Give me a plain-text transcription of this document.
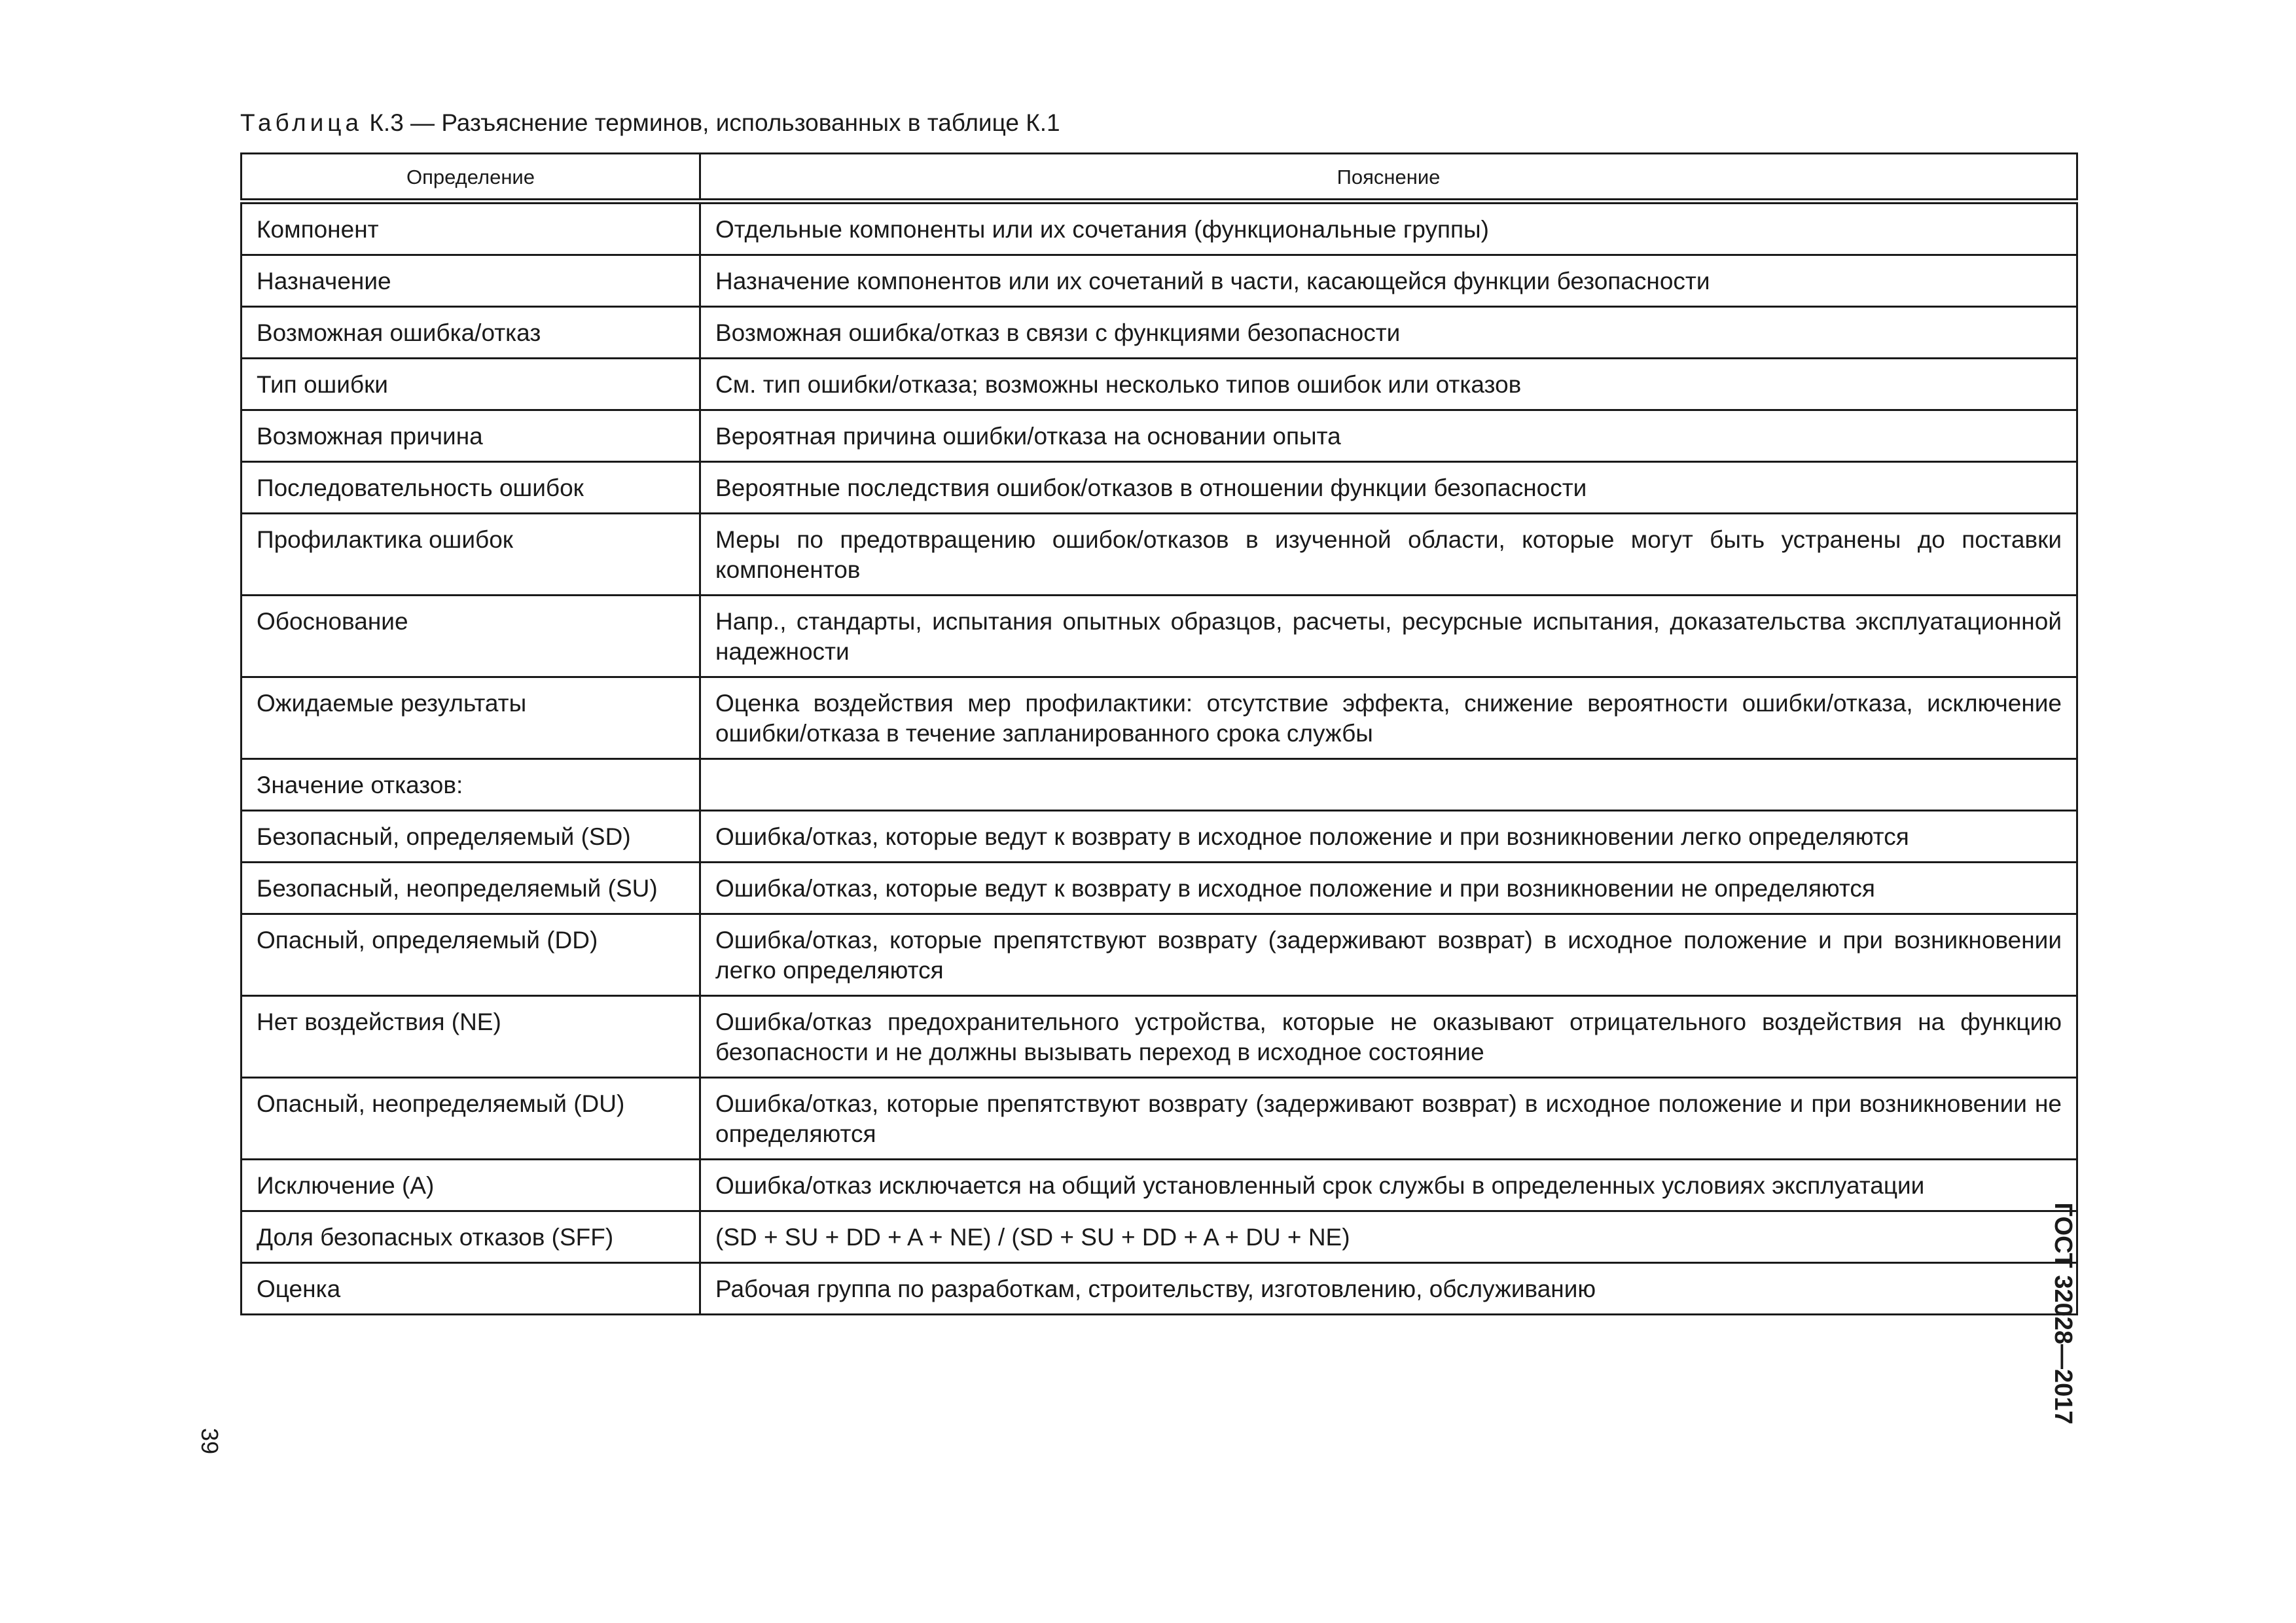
Таблица К.3 — Разъяснение терминов, использованных в таблице К.1
Определение	Пояснение
Компонент	Отдельные компоненты или их сочетания (функциональные группы)
Назначение	Назначение компонентов или их сочетаний в части, касающейся функции безопасности
Возможная ошибка/отказ	Возможная ошибка/отказ в связи с функциями безопасности
Тип ошибки	См. тип ошибки/отказа; возможны несколько типов ошибок или отказов
Возможная причина	Вероятная причина ошибки/отказа на основании опыта
Последовательность ошибок	Вероятные последствия ошибок/отказов в отношении функции безопасности
Профилактика ошибок	Меры по предотвращению ошибок/отказов в изученной области, которые могут быть устранены до поставки компонентов
Обоснование	Напр., стандарты, испытания опытных образцов, расчеты, ресурсные испытания, доказательства эксплуатационной надежности
Ожидаемые результаты	Оценка воздействия мер профилактики: отсутствие эффекта, снижение вероятности ошибки/отказа, исключение ошибки/отказа в течение запланированного срока службы
Значение отказов:	
Безопасный, определяемый (SD)	Ошибка/отказ, которые ведут к возврату в исходное положение и при возникновении легко определяются
Безопасный, неопределяемый (SU)	Ошибка/отказ, которые ведут к возврату в исходное положение и при возникновении не определяются
Опасный, определяемый (DD)	Ошибка/отказ, которые препятствуют возврату (задерживают возврат) в исходное положение и при возникновении легко определяются
Нет воздействия (NE)	Ошибка/отказ предохранительного устройства, которые не оказывают отрицательного воздействия на функцию безопасности и не должны вызывать переход в исходное состояние
Опасный, неопределяемый (DU)	Ошибка/отказ, которые препятствуют возврату (задерживают возврат) в исходное положение и при возникновении не определяются
Исключение (A)	Ошибка/отказ исключается на общий установленный срок службы в определенных условиях эксплуатации
Доля безопасных отказов (SFF)	(SD + SU + DD + A + NE) / (SD + SU + DD + A + DU + NE)
Оценка	Рабочая группа по разработкам, строительству, изготовлению, обслуживанию
39
ГОСТ 32028—2017
